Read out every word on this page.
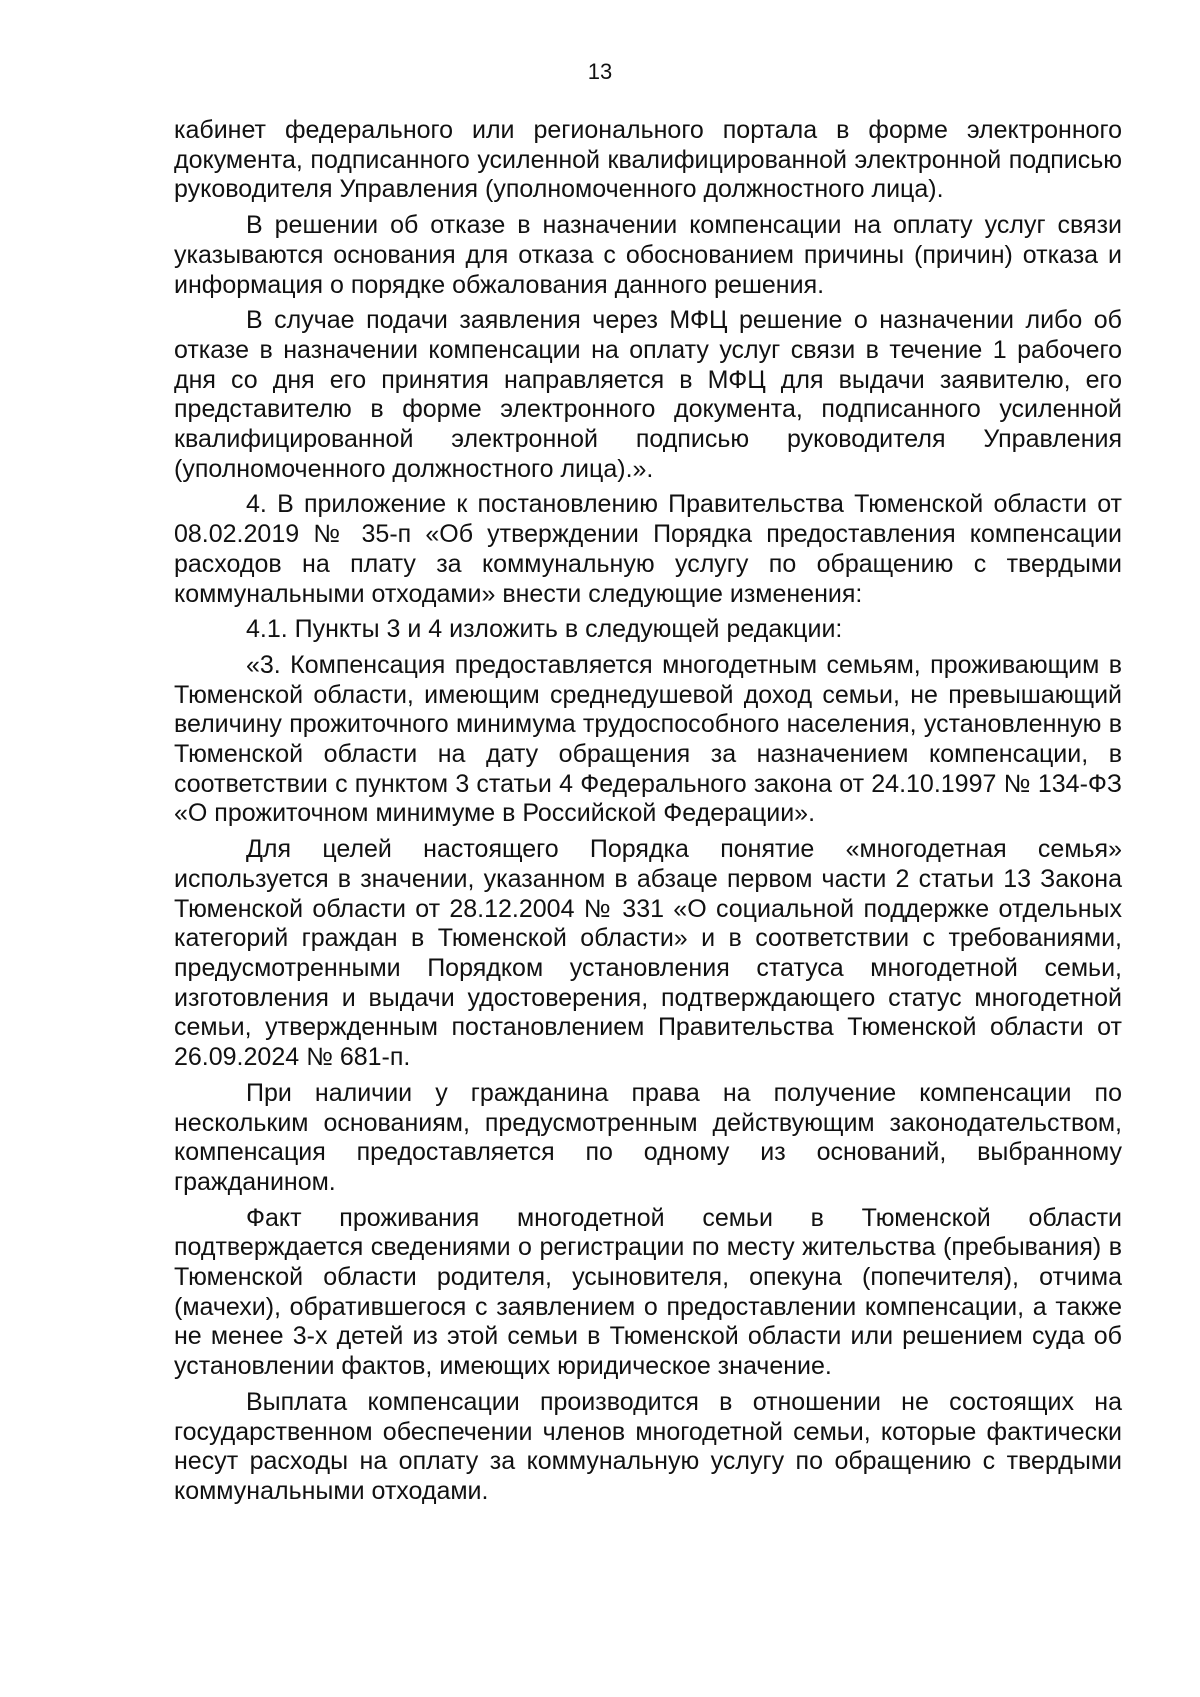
13

кабинет федерального или регионального портала в форме электронного документа, подписанного усиленной квалифицированной электронной подписью руководителя Управления (уполномоченного должностного лица).

В решении об отказе в назначении компенсации на оплату услуг связи указываются основания для отказа с обоснованием причины (причин) отказа и информация о порядке обжалования данного решения.

В случае подачи заявления через МФЦ решение о назначении либо об отказе в назначении компенсации на оплату услуг связи в течение 1 рабочего дня со дня его принятия направляется в МФЦ для выдачи заявителю, его представителю в форме электронного документа, подписанного усиленной квалифицированной электронной подписью руководителя Управления (уполномоченного должностного лица).».

4. В приложение к постановлению Правительства Тюменской области от 08.02.2019 № 35-п «Об утверждении Порядка предоставления компенсации расходов на плату за коммунальную услугу по обращению с твердыми коммунальными отходами» внести следующие изменения:

4.1. Пункты 3 и 4 изложить в следующей редакции:

«3. Компенсация предоставляется многодетным семьям, проживающим в Тюменской области, имеющим среднедушевой доход семьи, не превышающий величину прожиточного минимума трудоспособного населения, установленную в Тюменской области на дату обращения за назначением компенсации, в соответствии с пунктом 3 статьи 4 Федерального закона от 24.10.1997 № 134-ФЗ «О прожиточном минимуме в Российской Федерации».

Для целей настоящего Порядка понятие «многодетная семья» используется в значении, указанном в абзаце первом части 2 статьи 13 Закона Тюменской области от 28.12.2004 № 331 «О социальной поддержке отдельных категорий граждан в Тюменской области» и в соответствии с требованиями, предусмотренными Порядком установления статуса многодетной семьи, изготовления и выдачи удостоверения, подтверждающего статус многодетной семьи, утвержденным постановлением Правительства Тюменской области от 26.09.2024 № 681-п.

При наличии у гражданина права на получение компенсации по нескольким основаниям, предусмотренным действующим законодательством, компенсация предоставляется по одному из оснований, выбранному гражданином.

Факт проживания многодетной семьи в Тюменской области подтверждается сведениями о регистрации по месту жительства (пребывания) в Тюменской области родителя, усыновителя, опекуна (попечителя), отчима (мачехи), обратившегося с заявлением о предоставлении компенсации, а также не менее 3-х детей из этой семьи в Тюменской области или решением суда об установлении фактов, имеющих юридическое значение.

Выплата компенсации производится в отношении не состоящих на государственном обеспечении членов многодетной семьи, которые фактически несут расходы на оплату за коммунальную услугу по обращению с твердыми коммунальными отходами.
